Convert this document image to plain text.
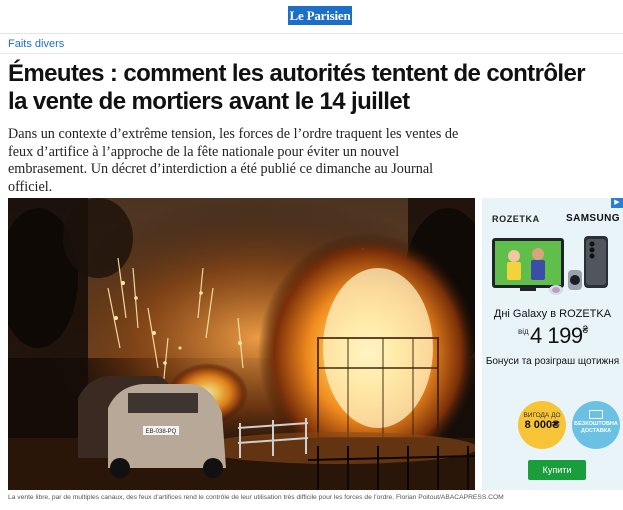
Le Parisien
Faits divers
Émeutes : comment les autorités tentent de contrôler la vente de mortiers avant le 14 juillet

Dans un contexte d’extrême tension, les forces de l’ordre traquent les ventes de feux d’artifice à l’approche de la fête nationale pour éviter un nouvel embrasement. Un décret d’interdiction a été publié ce dimanche au Journal officiel.

EB-038-PQ
La vente libre, par de multiples canaux, des feux d’artifices rend le contrôle de leur utilisation très difficile pour les forces de l’ordre. Florian Poitout/ABACAPRESS.COM
▶
ROZETKA	SAMSUNG
Дні Galaxy в ROZETKA
від 4 199₴
Бонуси та розіграш щотижня
ВИГОДА ДО
8 000₴	БЕЗКОШТОВНА ДОСТАВКА
Купити
